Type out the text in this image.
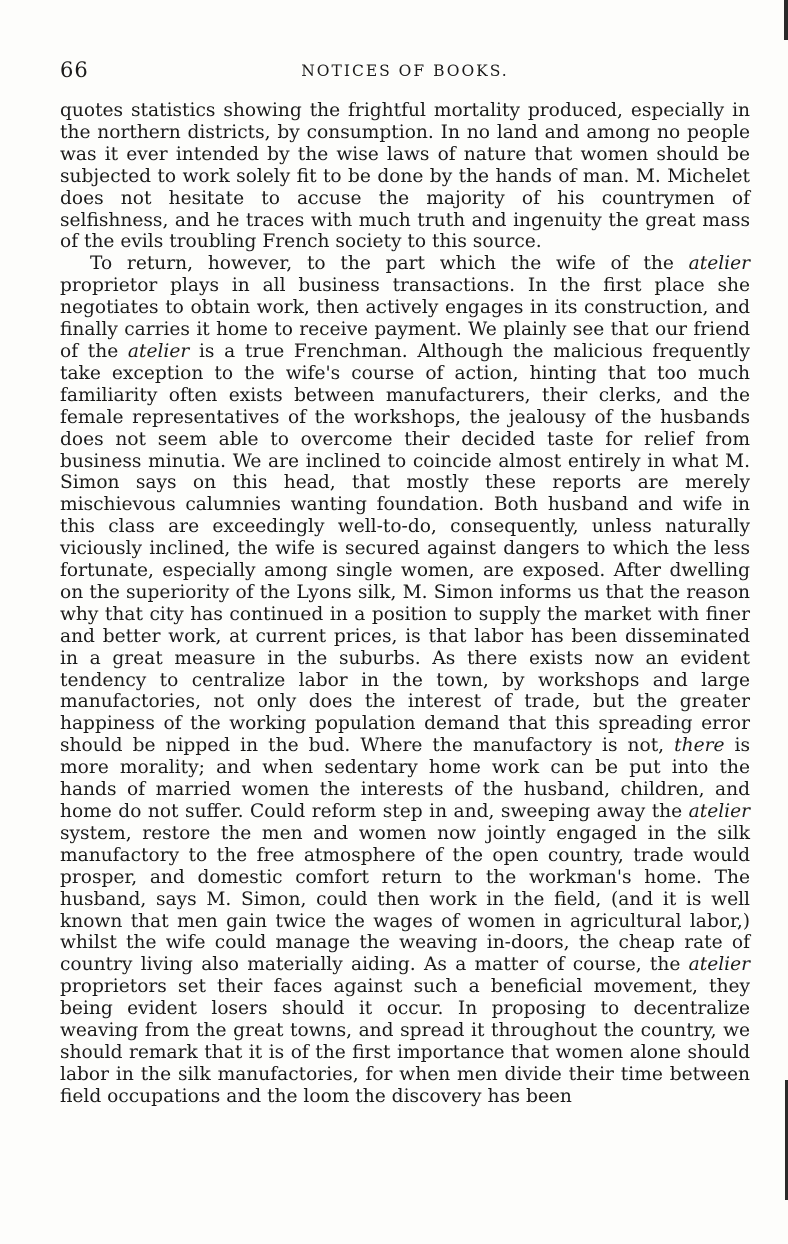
66	NOTICES OF BOOKS.

quotes statistics showing the frightful mortality produced, especially in the northern districts, by consumption. In no land and among no people was it ever intended by the wise laws of nature that women should be subjected to work solely fit to be done by the hands of man. M. Michelet does not hesitate to accuse the majority of his countrymen of selfishness, and he traces with much truth and ingenuity the great mass of the evils troubling French society to this source.

To return, however, to the part which the wife of the atelier proprietor plays in all business transactions. In the first place she negotiates to obtain work, then actively engages in its construction, and finally carries it home to receive payment. We plainly see that our friend of the atelier is a true Frenchman. Although the malicious frequently take exception to the wife's course of action, hinting that too much familiarity often exists between manufacturers, their clerks, and the female representatives of the workshops, the jealousy of the husbands does not seem able to overcome their decided taste for relief from business minutia. We are inclined to coincide almost entirely in what M. Simon says on this head, that mostly these reports are merely mischievous calumnies wanting foundation. Both husband and wife in this class are exceedingly well-to-do, consequently, unless naturally viciously inclined, the wife is secured against dangers to which the less fortunate, especially among single women, are exposed. After dwelling on the superiority of the Lyons silk, M. Simon informs us that the reason why that city has continued in a position to supply the market with finer and better work, at current prices, is that labor has been disseminated in a great measure in the suburbs. As there exists now an evident tendency to centralize labor in the town, by workshops and large manufactories, not only does the interest of trade, but the greater happiness of the working population demand that this spreading error should be nipped in the bud. Where the manufactory is not, there is more morality; and when sedentary home work can be put into the hands of married women the interests of the husband, children, and home do not suffer. Could reform step in and, sweeping away the atelier system, restore the men and women now jointly engaged in the silk manufactory to the free atmosphere of the open country, trade would prosper, and domestic comfort return to the workman's home. The husband, says M. Simon, could then work in the field, (and it is well known that men gain twice the wages of women in agricultural labor,) whilst the wife could manage the weaving in-doors, the cheap rate of country living also materially aiding. As a matter of course, the atelier proprietors set their faces against such a beneficial movement, they being evident losers should it occur. In proposing to decentralize weaving from the great towns, and spread it throughout the country, we should remark that it is of the first importance that women alone should labor in the silk manufactories, for when men divide their time between field occupations and the loom the discovery has been
